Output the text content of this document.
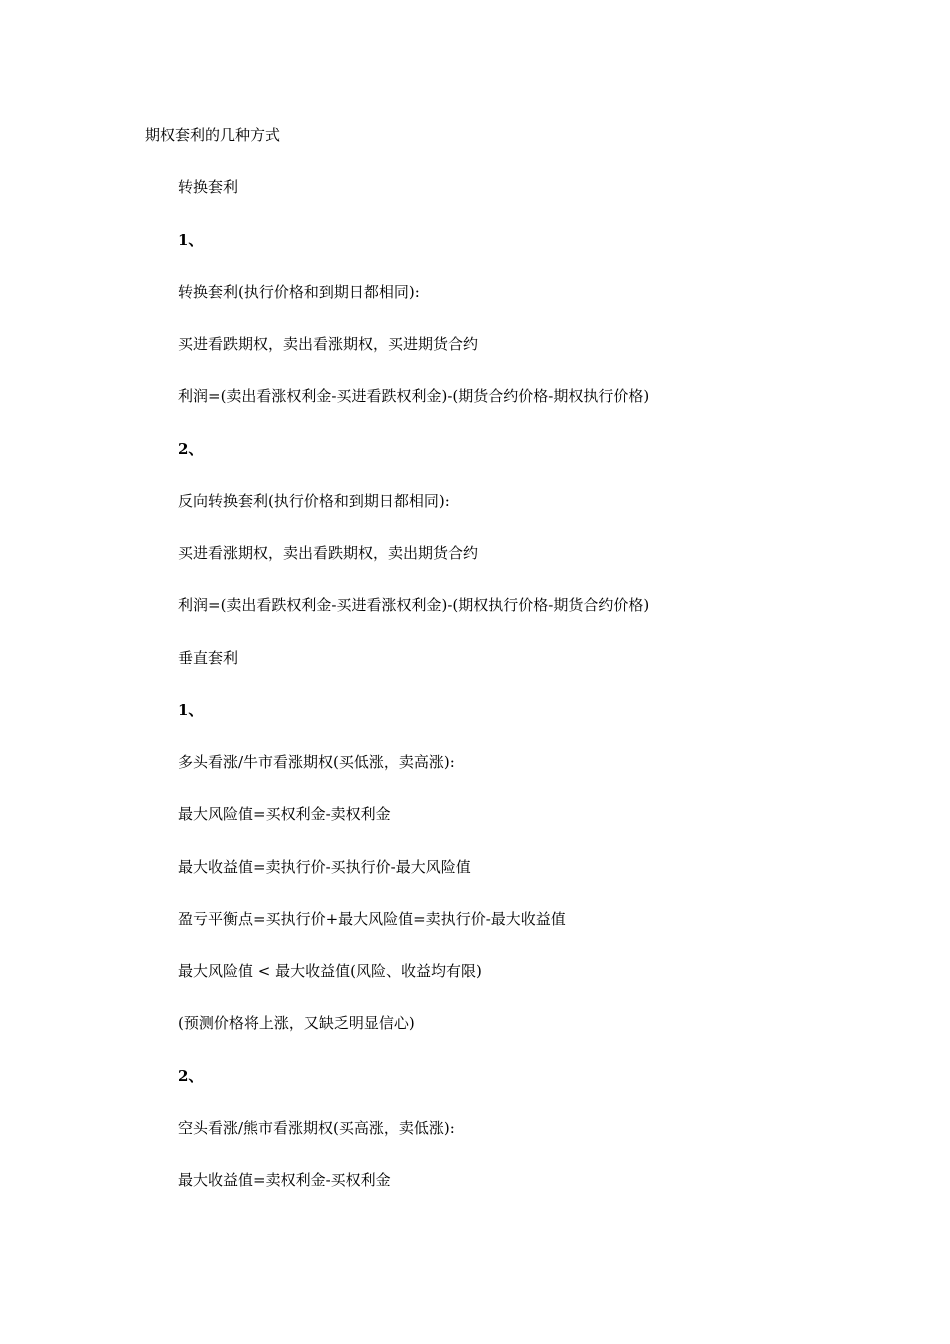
期权套利的几种方式
转换套利
1、
转换套利(执行价格和到期日都相同):
买进看跌期权，卖出看涨期权，买进期货合约
利润=(卖出看涨权利金-买进看跌权利金)-(期货合约价格-期权执行价格)
2、
反向转换套利(执行价格和到期日都相同):
买进看涨期权，卖出看跌期权，卖出期货合约
利润=(卖出看跌权利金-买进看涨权利金)-(期权执行价格-期货合约价格)
垂直套利
1、
多头看涨/牛市看涨期权(买低涨，卖高涨):
最大风险值=买权利金-卖权利金
最大收益值=卖执行价-买执行价-最大风险值
盈亏平衡点=买执行价+最大风险值=卖执行价-最大收益值
最大风险值 < 最大收益值(风险、收益均有限)
(预测价格将上涨，又缺乏明显信心)
2、
空头看涨/熊市看涨期权(买高涨，卖低涨):
最大收益值=卖权利金-买权利金
